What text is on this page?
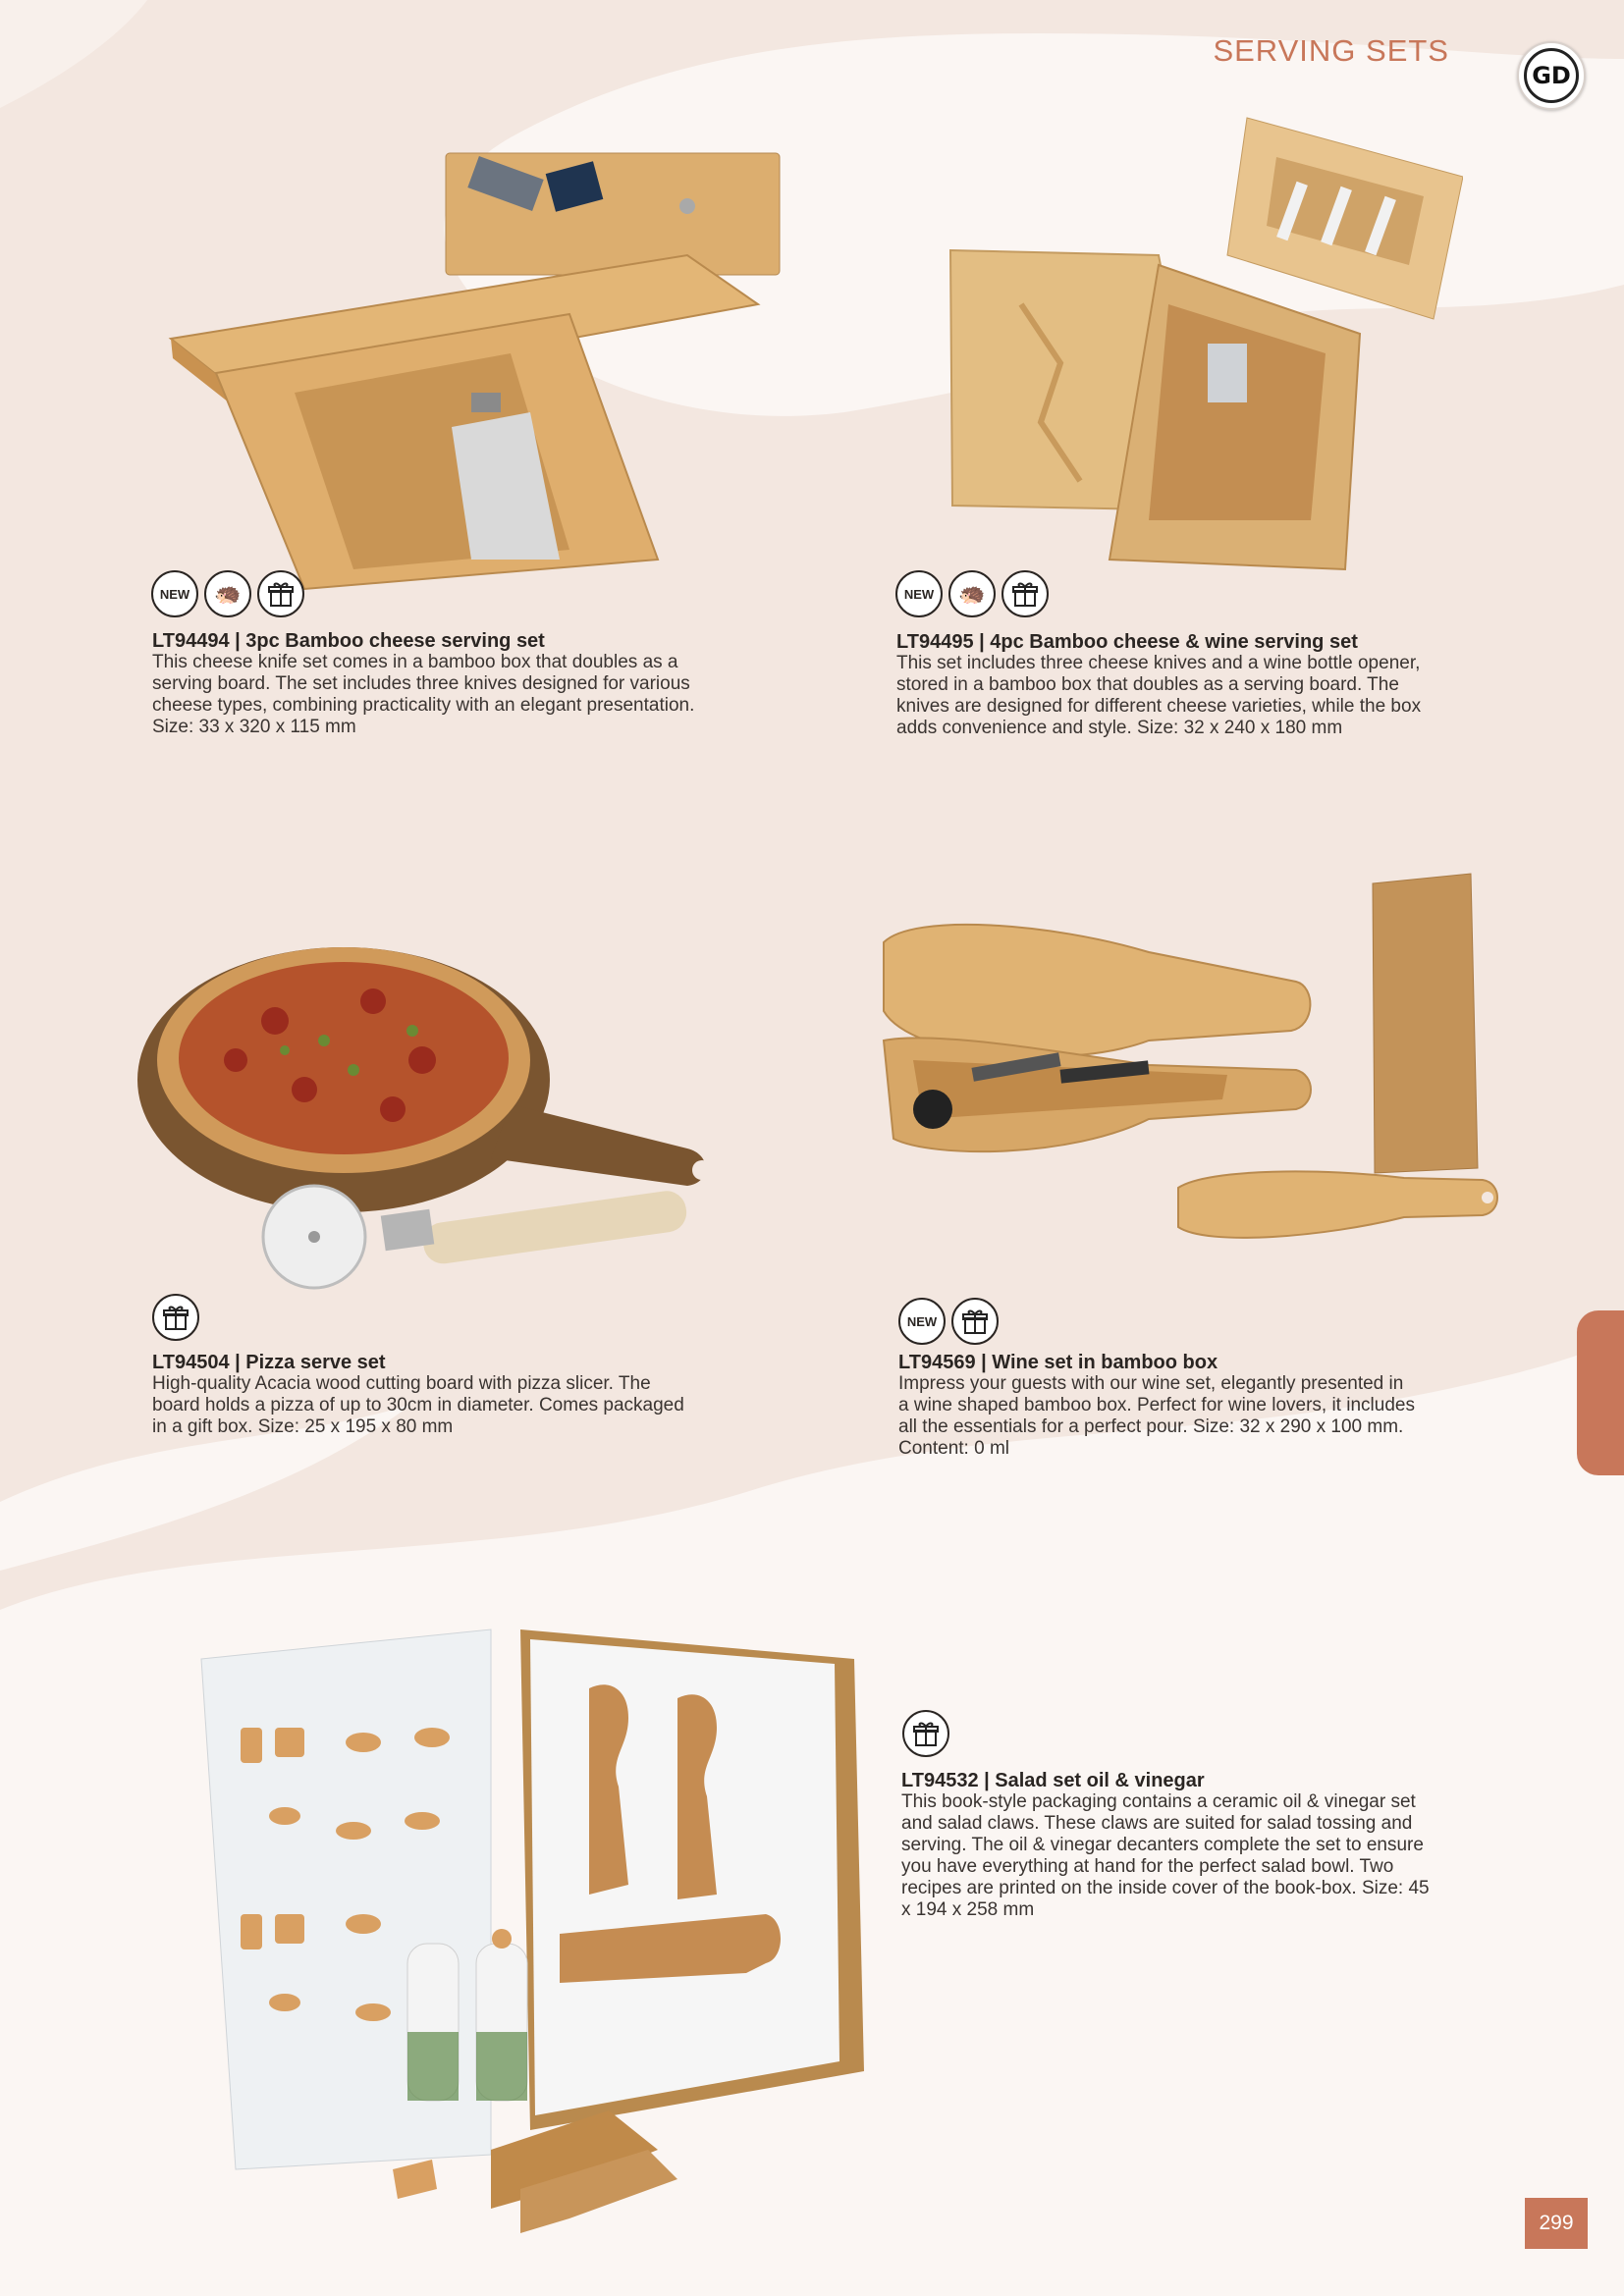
SERVING SETS
GD
299
NEW	🦔

LT94494 | 3pc Bamboo cheese serving set

This cheese knife set comes in a bamboo box that doubles as a

serving board. The set includes three knives designed for various

cheese types, combining practicality with an elegant presentation.

Size: 33 x 320 x 115 mm

NEW	🦔

LT94495 | 4pc Bamboo cheese & wine serving set

This set includes three cheese knives and a wine bottle opener,

stored in a bamboo box that doubles as a serving board. The

knives are designed for different cheese varieties, while the box

adds convenience and style. Size: 32 x 240 x 180 mm

LT94504 | Pizza serve set

High-quality Acacia wood cutting board with pizza slicer. The

board holds a pizza of up to 30cm in diameter. Comes packaged

in a gift box. Size: 25 x 195 x 80 mm

NEW

LT94569 | Wine set in bamboo box

Impress your guests with our wine set, elegantly presented in

a wine shaped bamboo box. Perfect for wine lovers, it includes

all the essentials for a perfect pour. Size: 32 x 290 x 100 mm.

Content: 0 ml

LT94532 | Salad set oil & vinegar

This book-style packaging contains a ceramic oil & vinegar set

and salad claws. These claws are suited for salad tossing and

serving. The oil & vinegar decanters complete the set to ensure

you have everything at hand for the perfect salad bowl. Two

recipes are printed on the inside cover of the book-box. Size: 45

x 194 x 258 mm
